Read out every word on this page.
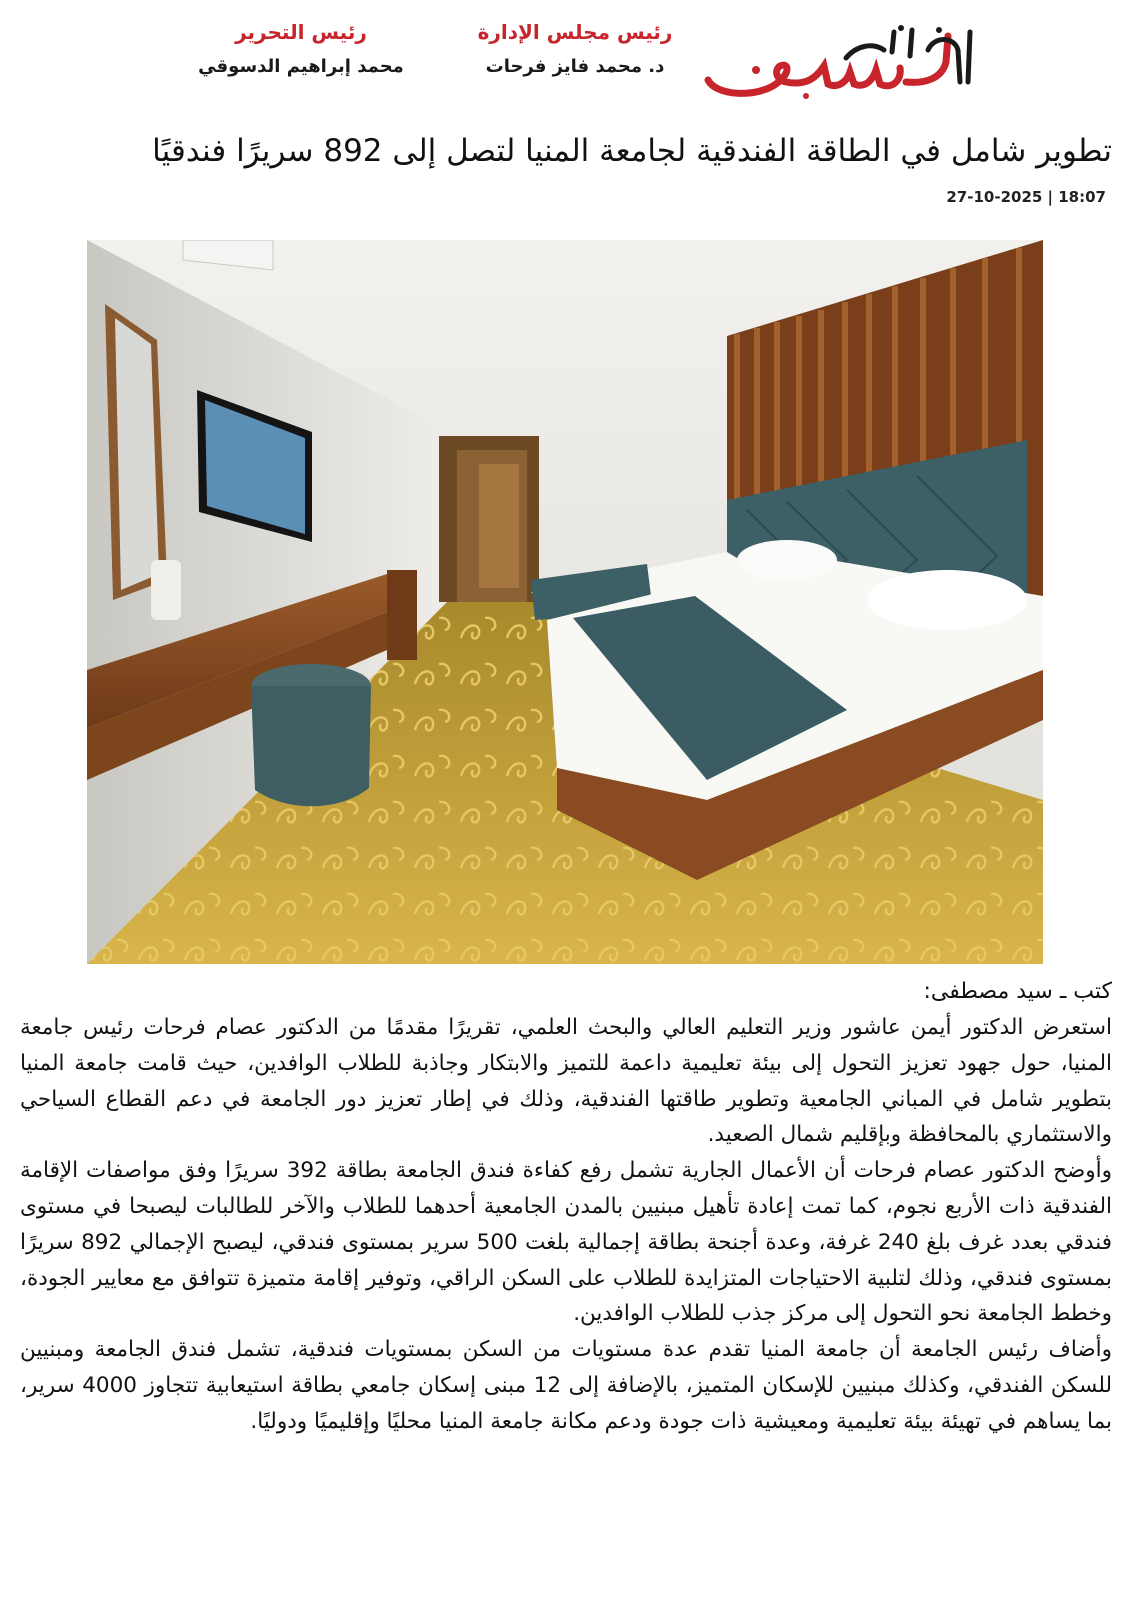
رئيس مجلس الإدارة
د. محمد فايز فرحات
رئيس التحرير
محمد إبراهيم الدسوقي
تطوير شامل في الطاقة الفندقية لجامعة المنيا لتصل إلى 892 سريرًا فندقيًا
27-10-2025 | 18:07
كتب ـ سيد مصطفى:

استعرض الدكتور أيمن عاشور وزير التعليم العالي والبحث العلمي، تقريرًا مقدمًا من الدكتور عصام فرحات رئيس جامعة المنيا، حول جهود تعزيز التحول إلى بيئة تعليمية داعمة للتميز والابتكار وجاذبة للطلاب الوافدين، حيث قامت جامعة المنيا بتطوير شامل في المباني الجامعية وتطوير طاقتها الفندقية، وذلك في إطار تعزيز دور الجامعة في دعم القطاع السياحي والاستثماري بالمحافظة وبإقليم شمال الصعيد.

وأوضح الدكتور عصام فرحات أن الأعمال الجارية تشمل رفع كفاءة فندق الجامعة بطاقة 392 سريرًا وفق مواصفات الإقامة الفندقية ذات الأربع نجوم، كما تمت إعادة تأهيل مبنيين بالمدن الجامعية أحدهما للطلاب والآخر للطالبات ليصبحا في مستوى فندقي بعدد غرف بلغ 240 غرفة، وعدة أجنحة بطاقة إجمالية بلغت 500 سرير بمستوى فندقي، ليصبح الإجمالي 892 سريرًا بمستوى فندقي، وذلك لتلبية الاحتياجات المتزايدة للطلاب على السكن الراقي، وتوفير إقامة متميزة تتوافق مع معايير الجودة، وخطط الجامعة نحو التحول إلى مركز جذب للطلاب الوافدين.

وأضاف رئيس الجامعة أن جامعة المنيا تقدم عدة مستويات من السكن بمستويات فندقية، تشمل فندق الجامعة ومبنيين للسكن الفندقي، وكذلك مبنيين للإسكان المتميز، بالإضافة إلى 12 مبنى إسكان جامعي بطاقة استيعابية تتجاوز 4000 سرير، بما يساهم في تهيئة بيئة تعليمية ومعيشية ذات جودة ودعم مكانة جامعة المنيا محليًا وإقليميًا ودوليًا.
